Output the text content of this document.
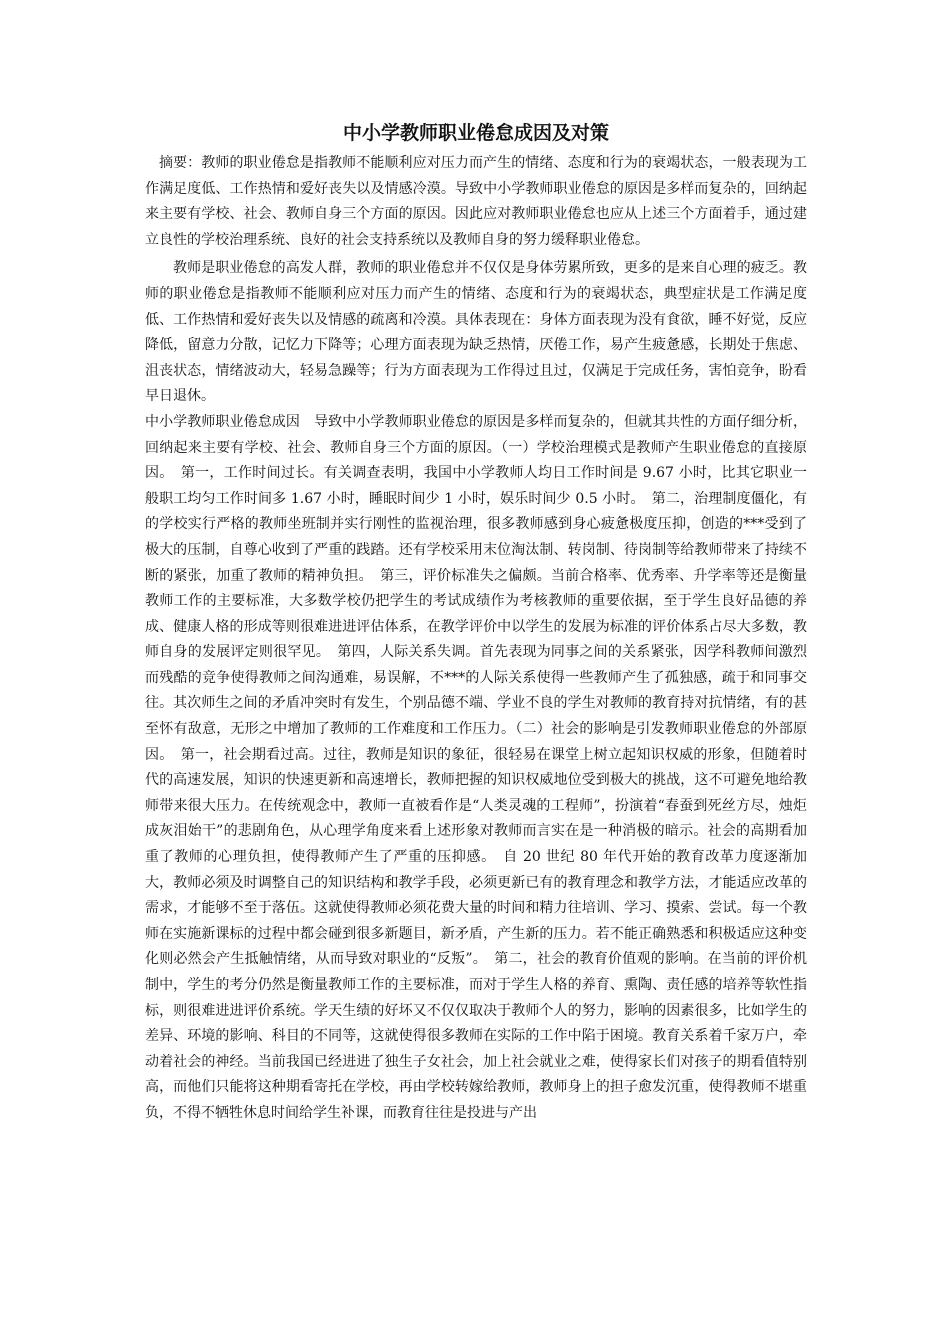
中小学教师职业倦怠成因及对策

摘要：教师的职业倦怠是指教师不能顺利应对压力而产生的情绪、态度和行为的衰竭状态，一般表现为工作满足度低、工作热情和爱好丧失以及情感冷漠。导致中小学教师职业倦怠的原因是多样而复杂的，回纳起来主要有学校、社会、教师自身三个方面的原因。因此应对教师职业倦怠也应从上述三个方面着手，通过建立良性的学校治理系统、良好的社会支持系统以及教师自身的努力缓释职业倦怠。

教师是职业倦怠的高发人群，教师的职业倦怠并不仅仅是身体劳累所致，更多的是来自心理的疲乏。教师的职业倦怠是指教师不能顺利应对压力而产生的情绪、态度和行为的衰竭状态，典型症状是工作满足度低、工作热情和爱好丧失以及情感的疏离和冷漠。具体表现在：身体方面表现为没有食欲，睡不好觉，反应降低，留意力分散，记忆力下降等；心理方面表现为缺乏热情，厌倦工作，易产生疲惫感，长期处于焦虑、沮丧状态，情绪波动大，轻易急躁等；行为方面表现为工作得过且过，仅满足于完成任务，害怕竞争，盼看早日退休。

中小学教师职业倦怠成因　导致中小学教师职业倦怠的原因是多样而复杂的，但就其共性的方面仔细分析，回纳起来主要有学校、社会、教师自身三个方面的原因。（一）学校治理模式是教师产生职业倦怠的直接原因。　第一，工作时间过长。有关调查表明，我国中小学教师人均日工作时间是 9.67 小时，比其它职业一般职工均匀工作时间多 1.67 小时，睡眠时间少 1 小时，娱乐时间少 0.5 小时。　第二，治理制度僵化，有的学校实行严格的教师坐班制并实行刚性的监视治理，很多教师感到身心疲惫极度压抑，创造的***受到了极大的压制，自尊心收到了严重的践踏。还有学校采用末位淘汰制、转岗制、待岗制等给教师带来了持续不断的紧张，加重了教师的精神负担。　第三，评价标准失之偏颇。当前合格率、优秀率、升学率等还是衡量教师工作的主要标准，大多数学校仍把学生的考试成绩作为考核教师的重要依据，至于学生良好品德的养成、健康人格的形成等则很难进进评估体系，在教学评价中以学生的发展为标准的评价体系占尽大多数，教师自身的发展评定则很罕见。　第四，人际关系失调。首先表现为同事之间的关系紧张，因学科教师间激烈而残酷的竞争使得教师之间沟通难，易误解，不***的人际关系使得一些教师产生了孤独感，疏于和同事交往。其次师生之间的矛盾冲突时有发生，个别品德不端、学业不良的学生对教师的教育持对抗情绪，有的甚至怀有敌意，无形之中增加了教师的工作难度和工作压力。（二）社会的影响是引发教师职业倦怠的外部原因。　第一，社会期看过高。过往，教师是知识的象征，很轻易在课堂上树立起知识权威的形象，但随着时代的高速发展，知识的快速更新和高速增长，教师把握的知识权威地位受到极大的挑战，这不可避免地给教师带来很大压力。在传统观念中，教师一直被看作是“人类灵魂的工程师”，扮演着“春蚕到死丝方尽，烛炬成灰泪始干”的悲剧角色，从心理学角度来看上述形象对教师而言实在是一种消极的暗示。社会的高期看加重了教师的心理负担，使得教师产生了严重的压抑感。　自 20 世纪 80 年代开始的教育改革力度逐渐加大，教师必须及时调整自己的知识结构和教学手段，必须更新已有的教育理念和教学方法，才能适应改革的需求，才能够不至于落伍。这就使得教师必须花费大量的时间和精力往培训、学习、摸索、尝试。每一个教师在实施新课标的过程中都会碰到很多新题目，新矛盾，产生新的压力。若不能正确熟悉和积极适应这种变化则必然会产生抵触情绪，从而导致对职业的“反叛”。　第二，社会的教育价值观的影响。在当前的评价机制中，学生的考分仍然是衡量教师工作的主要标准，而对于学生人格的养育、熏陶、责任感的培养等软性指标，则很难进进评价系统。学天生绩的好坏又不仅仅取决于教师个人的努力，影响的因素很多，比如学生的差异、环境的影响、科目的不同等，这就使得很多教师在实际的工作中陷于困境。教育关系着千家万户，牵动着社会的神经。当前我国已经进进了独生子女社会，加上社会就业之难，使得家长们对孩子的期看值特别高，而他们只能将这种期看寄托在学校，再由学校转嫁给教师，教师身上的担子愈发沉重，使得教师不堪重负，不得不牺牲休息时间给学生补课，而教育往往是投进与产出
